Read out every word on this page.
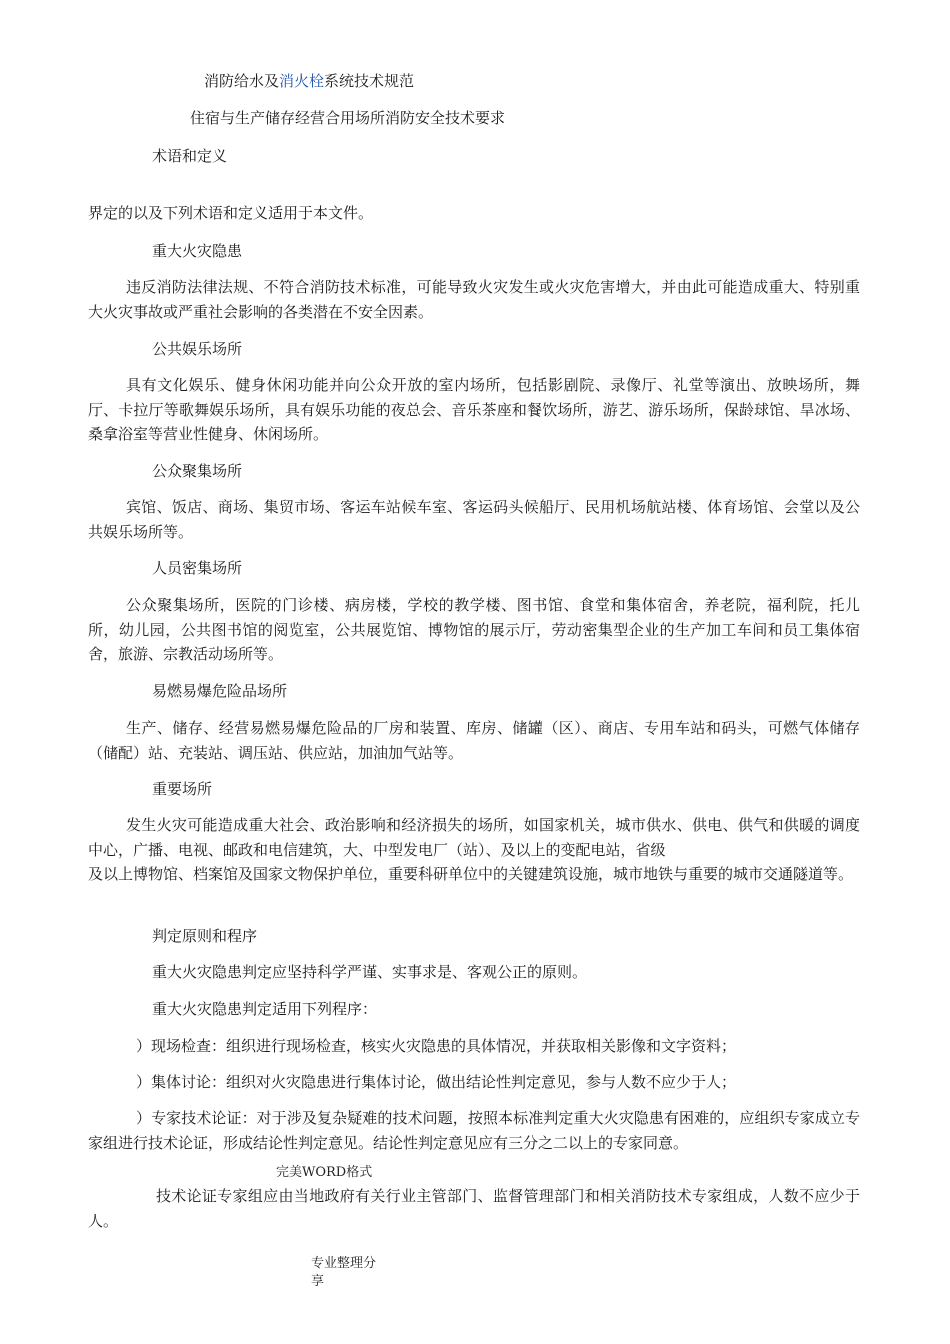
消防给水及消火栓系统技术规范
住宿与生产储存经营合用场所消防安全技术要求
术语和定义
界定的以及下列术语和定义适用于本文件。
重大火灾隐患

违反消防法律法规、不符合消防技术标准，可能导致火灾发生或火灾危害增大，并由此可能造成重大、特别重大火灾事故或严重社会影响的各类潜在不安全因素。

公共娱乐场所

具有文化娱乐、健身休闲功能并向公众开放的室内场所，包括影剧院、录像厅、礼堂等演出、放映场所，舞厅、卡拉厅等歌舞娱乐场所，具有娱乐功能的夜总会、音乐茶座和餐饮场所，游艺、游乐场所，保龄球馆、旱冰场、桑拿浴室等营业性健身、休闲场所。

公众聚集场所

宾馆、饭店、商场、集贸市场、客运车站候车室、客运码头候船厅、民用机场航站楼、体育场馆、会堂以及公共娱乐场所等。

人员密集场所

公众聚集场所，医院的门诊楼、病房楼，学校的教学楼、图书馆、食堂和集体宿舍，养老院，福利院，托儿所，幼儿园，公共图书馆的阅览室，公共展览馆、博物馆的展示厅，劳动密集型企业的生产加工车间和员工集体宿舍，旅游、宗教活动场所等。

易燃易爆危险品场所

生产、储存、经营易燃易爆危险品的厂房和装置、库房、储罐（区）、商店、专用车站和码头，可燃气体储存（储配）站、充装站、调压站、供应站，加油加气站等。

重要场所

发生火灾可能造成重大社会、政治影响和经济损失的场所，如国家机关，城市供水、供电、供气和供暖的调度中心，广播、电视、邮政和电信建筑，大、中型发电厂（站）、及以上的变配电站，省级

及以上博物馆、档案馆及国家文物保护单位，重要科研单位中的关键建筑设施，城市地铁与重要的城市交通隧道等。

判定原则和程序
重大火灾隐患判定应坚持科学严谨、实事求是、客观公正的原则。
重大火灾隐患判定适用下列程序：
）现场检查：组织进行现场检查，核实火灾隐患的具体情况，并获取相关影像和文字资料；
）集体讨论：组织对火灾隐患进行集体讨论，做出结论性判定意见，参与人数不应少于人；

）专家技术论证：对于涉及复杂疑难的技术问题，按照本标准判定重大火灾隐患有困难的，应组织专家成立专家组进行技术论证，形成结论性判定意见。结论性判定意见应有三分之二以上的专家同意。

完美WORD格式

技术论证专家组应由当地政府有关行业主管部门、监督管理部门和相关消防技术专家组成，人数不应少于人。

专业整理分享
